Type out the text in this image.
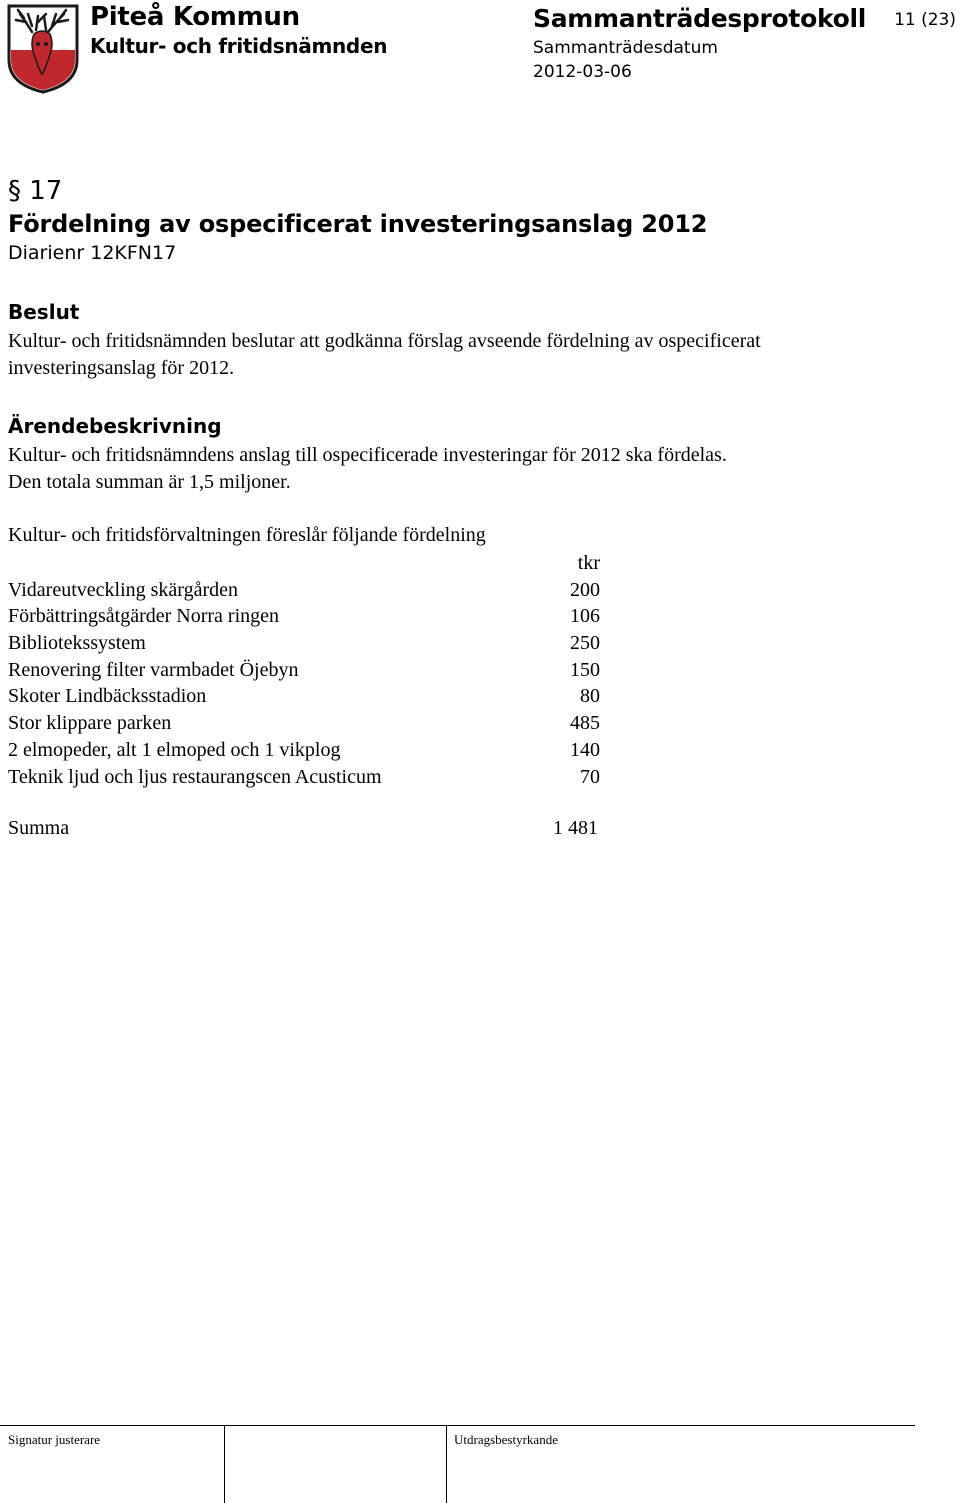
Piteå Kommun
Kultur- och fritidsnämnden
Sammanträdesprotokoll
Sammanträdesdatum
2012-03-06
11 (23)
§ 17
Fördelning av ospecificerat investeringsanslag 2012
Diarienr 12KFN17
Beslut
Kultur- och fritidsnämnden beslutar att godkänna förslag avseende fördelning av ospecificerat
investeringsanslag för 2012.
Ärendebeskrivning
Kultur- och fritidsnämndens anslag till ospecificerade investeringar för 2012 ska fördelas.
Den totala summan är 1,5 miljoner.
Kultur- och fritidsförvaltningen föreslår följande fördelning
tkr
Vidareutveckling skärgården	200
Förbättringsåtgärder Norra ringen	106
Bibliotekssystem	250
Renovering filter varmbadet Öjebyn	150
Skoter Lindbäcksstadion	80
Stor klippare parken	485
2 elmopeder, alt 1 elmoped och 1 vikplog	140
Teknik ljud och ljus restaurangscen Acusticum	70
Summa	1 481
Signatur justerare	Utdragsbestyrkande
